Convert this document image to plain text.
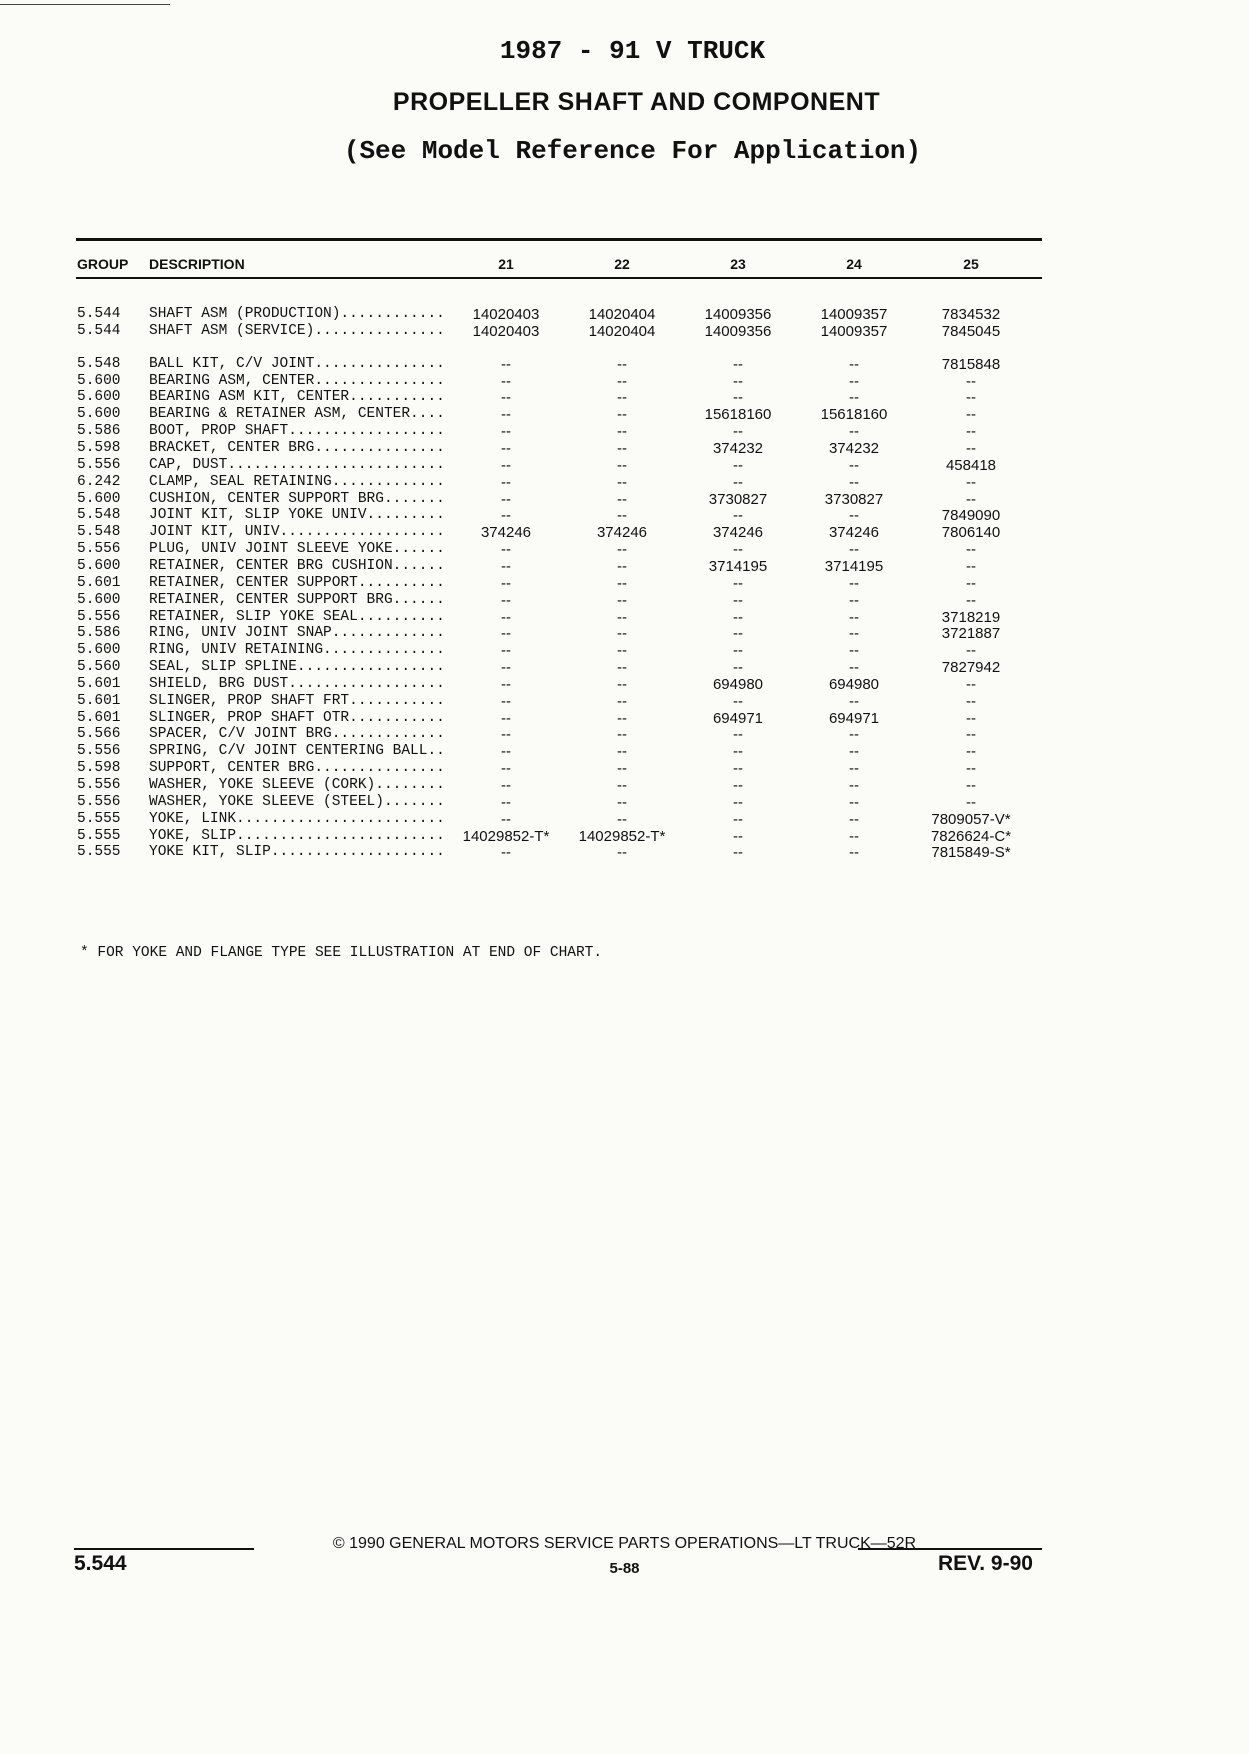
1987 - 91 V TRUCK
PROPELLER SHAFT AND COMPONENT
(See Model Reference For Application)
GROUP DESCRIPTION	21	22	23	24	25
5.544 SHAFT ASM (PRODUCTION)............	14020403	14020404	14009356	14009357	7834532
5.544 SHAFT ASM (SERVICE)...............	14020403	14020404	14009356	14009357	7845045
5.548 BALL KIT, C/V JOINT...............	--	--	--	--	7815848
5.600 BEARING ASM, CENTER...............	--	--	--	--	--
5.600 BEARING ASM KIT, CENTER...........	--	--	--	--	--
5.600 BEARING & RETAINER ASM, CENTER....	--	--	15618160	15618160	--
5.586 BOOT, PROP SHAFT..................	--	--	--	--	--
5.598 BRACKET, CENTER BRG...............	--	--	374232	374232	--
5.556 CAP, DUST.........................	--	--	--	--	458418
6.242 CLAMP, SEAL RETAINING.............	--	--	--	--	--
5.600 CUSHION, CENTER SUPPORT BRG.......	--	--	3730827	3730827	--
5.548 JOINT KIT, SLIP YOKE UNIV.........	--	--	--	--	7849090
5.548 JOINT KIT, UNIV...................	374246	374246	374246	374246	7806140
5.556 PLUG, UNIV JOINT SLEEVE YOKE......	--	--	--	--	--
5.600 RETAINER, CENTER BRG CUSHION......	--	--	3714195	3714195	--
5.601 RETAINER, CENTER SUPPORT..........	--	--	--	--	--
5.600 RETAINER, CENTER SUPPORT BRG......	--	--	--	--	--
5.556 RETAINER, SLIP YOKE SEAL..........	--	--	--	--	3718219
5.586 RING, UNIV JOINT SNAP.............	--	--	--	--	3721887
5.600 RING, UNIV RETAINING..............	--	--	--	--	--
5.560 SEAL, SLIP SPLINE.................	--	--	--	--	7827942
5.601 SHIELD, BRG DUST..................	--	--	694980	694980	--
5.601 SLINGER, PROP SHAFT FRT...........	--	--	--	--	--
5.601 SLINGER, PROP SHAFT OTR...........	--	--	694971	694971	--
5.566 SPACER, C/V JOINT BRG.............	--	--	--	--	--
5.556 SPRING, C/V JOINT CENTERING BALL..	--	--	--	--	--
5.598 SUPPORT, CENTER BRG...............	--	--	--	--	--
5.556 WASHER, YOKE SLEEVE (CORK)........	--	--	--	--	--
5.556 WASHER, YOKE SLEEVE (STEEL).......	--	--	--	--	--
5.555 YOKE, LINK........................	--	--	--	--	7809057-V*
5.555 YOKE, SLIP........................	14029852-T*	14029852-T*	--	--	7826624-C*
5.555 YOKE KIT, SLIP....................	--	--	--	--	7815849-S*
* FOR YOKE AND FLANGE TYPE SEE ILLUSTRATION AT END OF CHART.
© 1990 GENERAL MOTORS SERVICE PARTS OPERATIONS—LT TRUCK—52R
5-88
5.544	REV. 9-90
